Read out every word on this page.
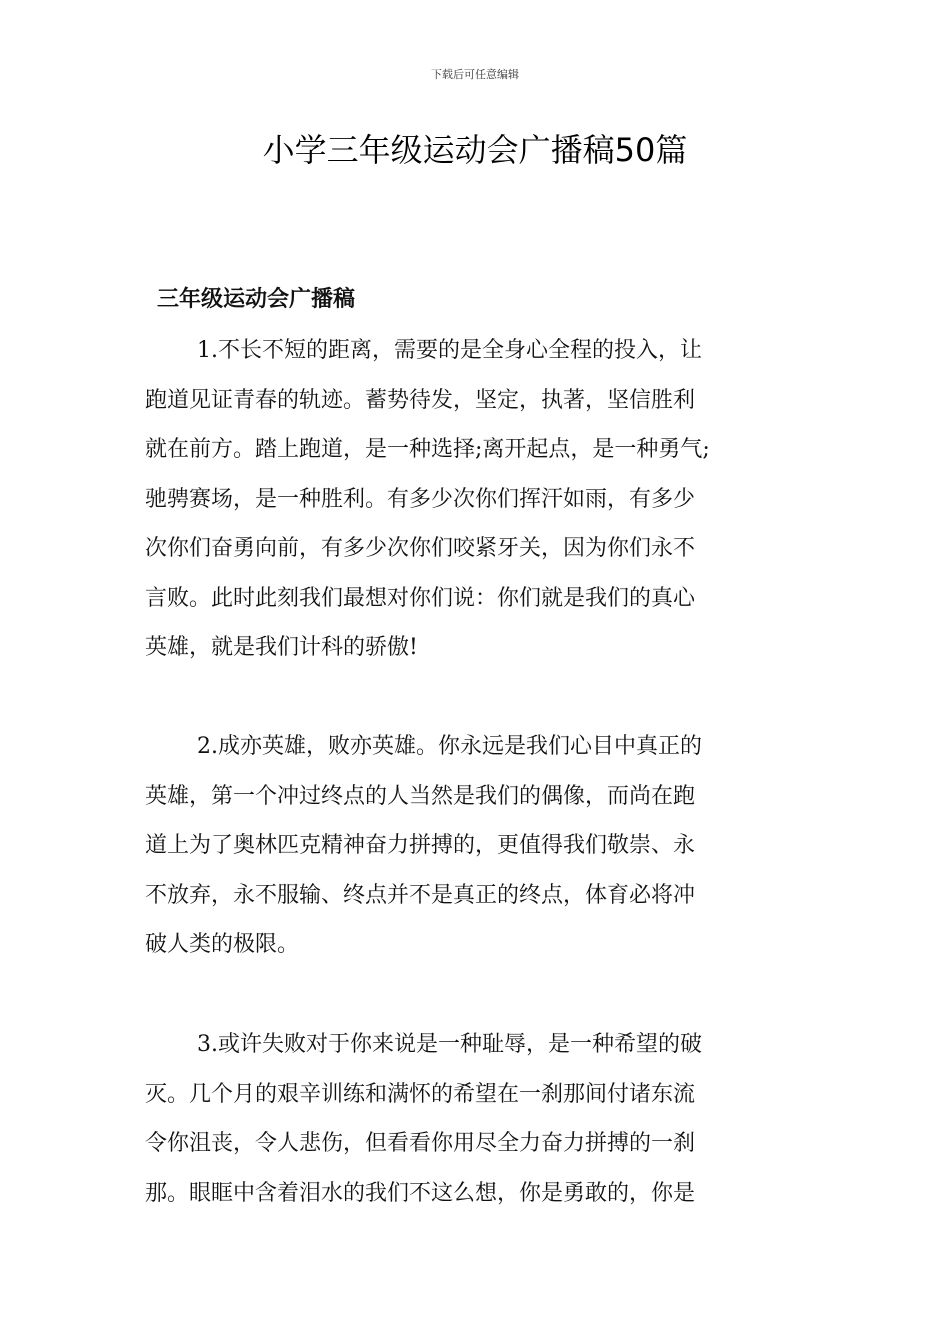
下载后可任意编辑
小学三年级运动会广播稿50篇
三年级运动会广播稿
1.不长不短的距离，需要的是全身心全程的投入，让
跑道见证青春的轨迹。蓄势待发，坚定，执著，坚信胜利
就在前方。踏上跑道，是一种选择;离开起点，是一种勇气;
驰骋赛场，是一种胜利。有多少次你们挥汗如雨，有多少
次你们奋勇向前，有多少次你们咬紧牙关，因为你们永不
言败。此时此刻我们最想对你们说：你们就是我们的真心
英雄，就是我们计科的骄傲!
2.成亦英雄，败亦英雄。你永远是我们心目中真正的
英雄，第一个冲过终点的人当然是我们的偶像，而尚在跑
道上为了奥林匹克精神奋力拼搏的，更值得我们敬崇、永
不放弃，永不服输、终点并不是真正的终点，体育必将冲
破人类的极限。
3.或许失败对于你来说是一种耻辱，是一种希望的破
灭。几个月的艰辛训练和满怀的希望在一刹那间付诸东流
令你沮丧，令人悲伤，但看看你用尽全力奋力拼搏的一刹
那。眼眶中含着泪水的我们不这么想，你是勇敢的，你是
